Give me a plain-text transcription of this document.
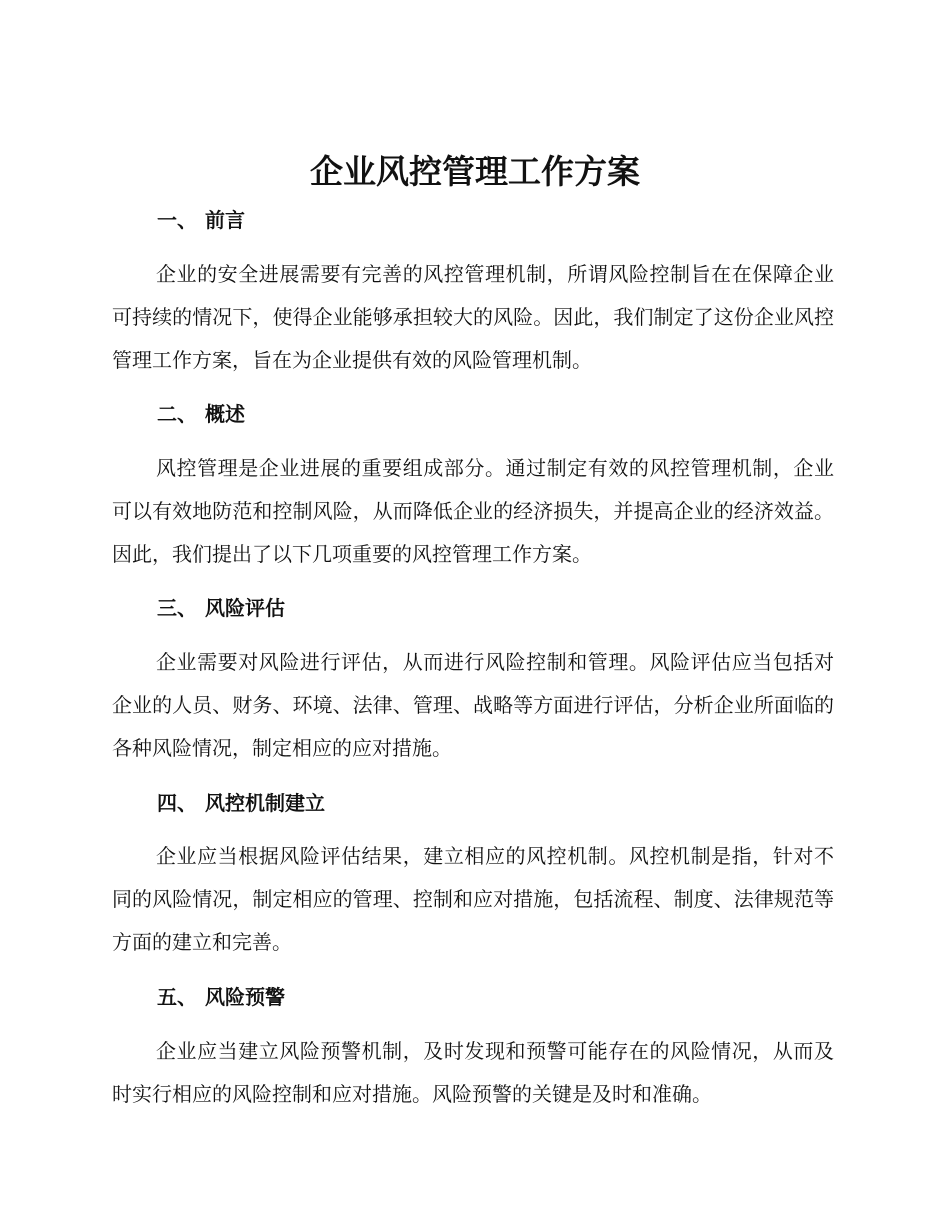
企业风控管理工作方案
一、 前言

企业的安全进展需要有完善的风控管理机制，所谓风险控制旨在在保障企业可持续的情况下，使得企业能够承担较大的风险。因此，我们制定了这份企业风控管理工作方案，旨在为企业提供有效的风险管理机制。

二、 概述

风控管理是企业进展的重要组成部分。通过制定有效的风控管理机制，企业可以有效地防范和控制风险，从而降低企业的经济损失，并提高企业的经济效益。因此，我们提出了以下几项重要的风控管理工作方案。

三、 风险评估

企业需要对风险进行评估，从而进行风险控制和管理。风险评估应当包括对企业的人员、财务、环境、法律、管理、战略等方面进行评估，分析企业所面临的各种风险情况，制定相应的应对措施。

四、 风控机制建立

企业应当根据风险评估结果，建立相应的风控机制。风控机制是指，针对不同的风险情况，制定相应的管理、控制和应对措施，包括流程、制度、法律规范等方面的建立和完善。

五、 风险预警

企业应当建立风险预警机制，及时发现和预警可能存在的风险情况，从而及时实行相应的风险控制和应对措施。风险预警的关键是及时和准确。
